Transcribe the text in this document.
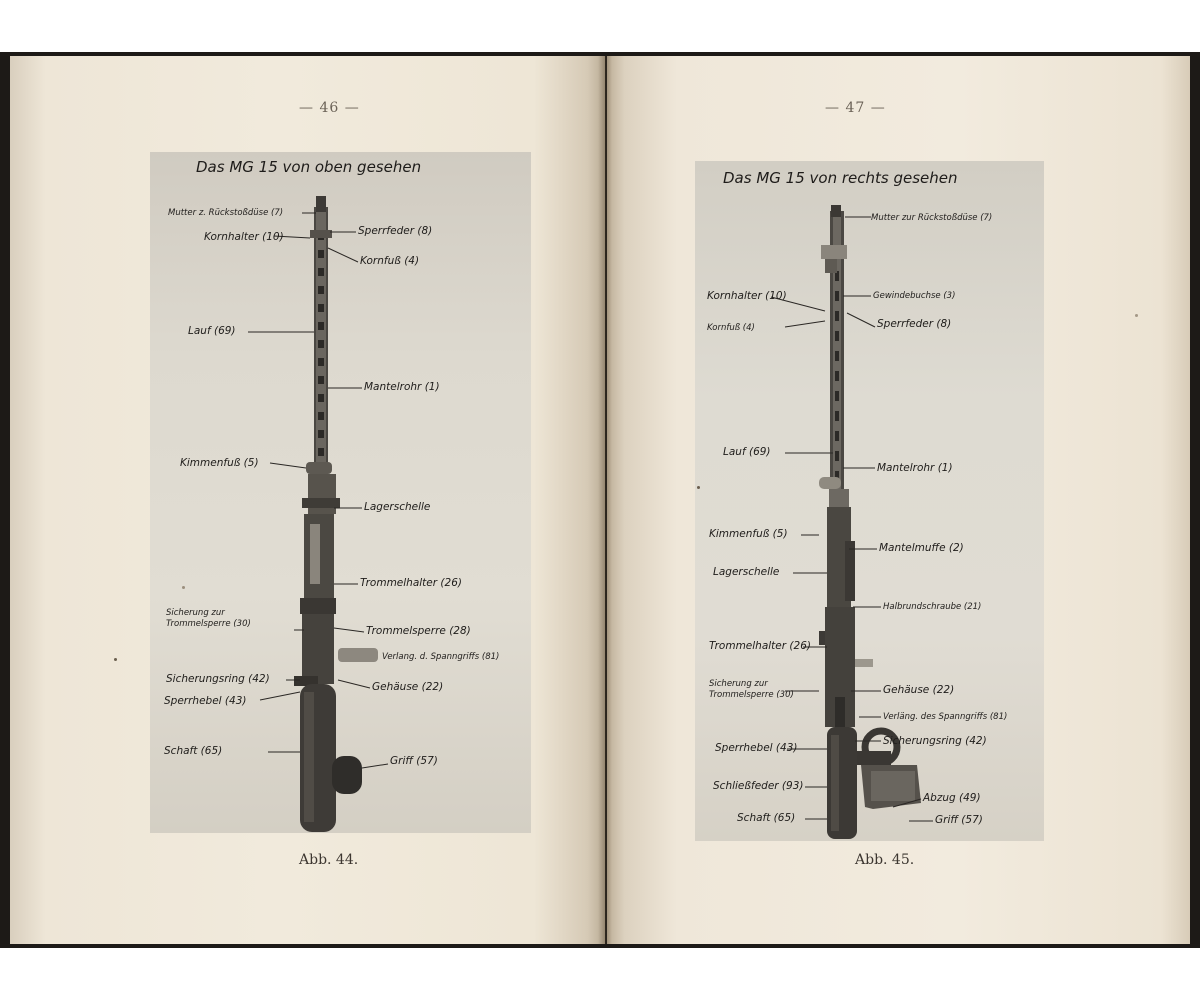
— 46 —
Das MG 15 von oben gesehen
Mutter z. Rückstoßdüse (7)
Kornhalter (10)	Sperrfeder (8)
Kornfuß (4)
Lauf (69)
Mantelrohr (1)
Kimmenfuß (5)
Lagerschelle
Trommelhalter (26)
Sicherung zur
Trommelsperre (30)
Trommelsperre (28)
Verlang. d. Spanngriffs (81)
Sicherungsring (42)
Gehäuse (22)
Sperrhebel (43)
Schaft (65)
Griff (57)
Abb. 44.
— 47 —
Das MG 15 von rechts gesehen
Mutter zur Rückstoßdüse (7)
Kornhalter (10)	Gewindebuchse (3)
Kornfuß (4)	Sperrfeder (8)
Lauf (69)
Mantelrohr (1)
Kimmenfuß (5)
Mantelmuffe (2)
Lagerschelle
Halbrundschraube (21)
Trommelhalter (26)
Sicherung zur
Trommelsperre (30)	Gehäuse (22)
Verläng. des Spanngriffs (81)
Sperrhebel (43)
Sicherungsring (42)
Schließfeder (93)
Abzug (49)
Schaft (65)	Griff (57)
Abb. 45.
